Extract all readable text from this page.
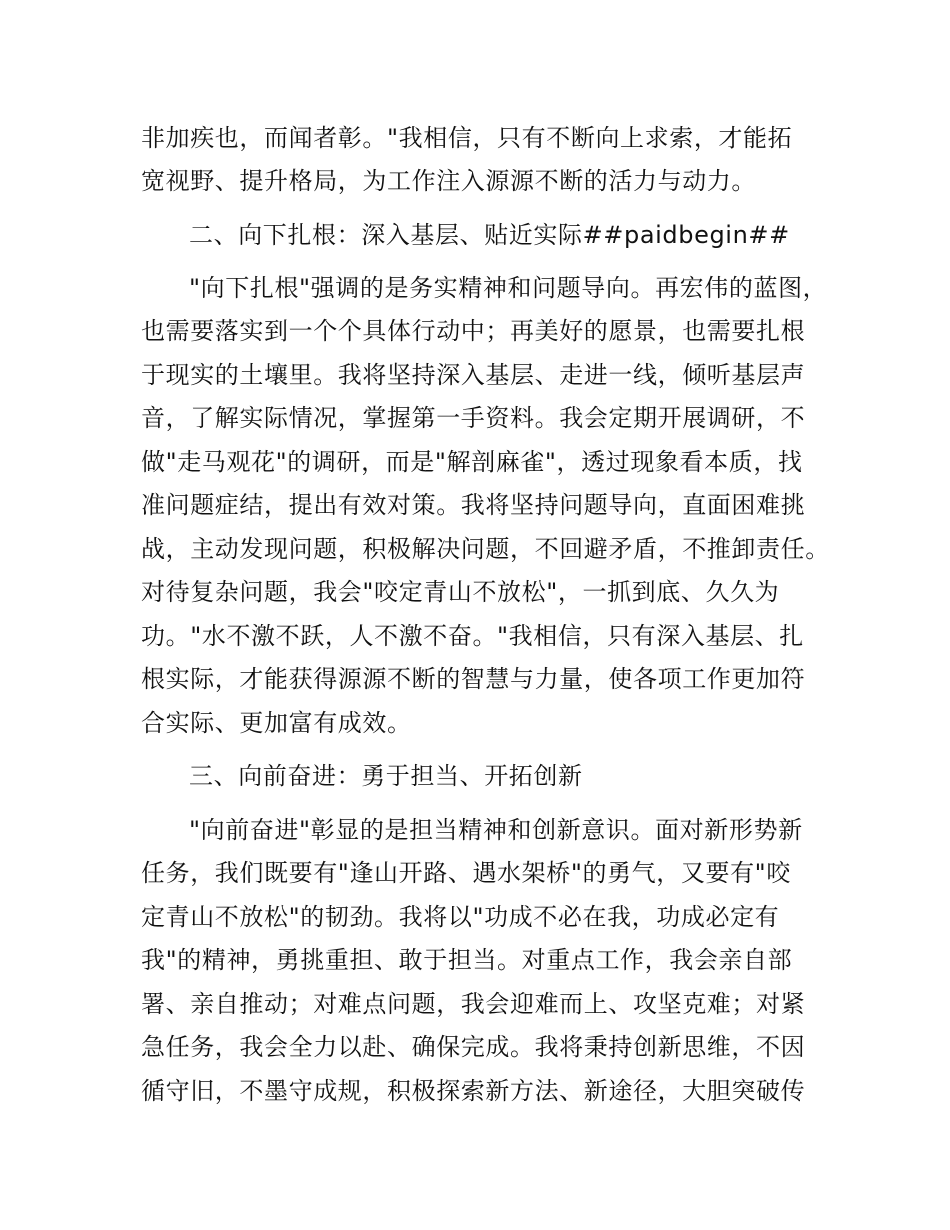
非加疾也，而闻者彰。"我相信，只有不断向上求索，才能拓
宽视野、提升格局，为工作注入源源不断的活力与动力。
二、向下扎根：深入基层、贴近实际##paidbegin##
"向下扎根"强调的是务实精神和问题导向。再宏伟的蓝图，
也需要落实到一个个具体行动中；再美好的愿景，也需要扎根
于现实的土壤里。我将坚持深入基层、走进一线，倾听基层声
音，了解实际情况，掌握第一手资料。我会定期开展调研，不
做"走马观花"的调研，而是"解剖麻雀"，透过现象看本质，找
准问题症结，提出有效对策。我将坚持问题导向，直面困难挑
战，主动发现问题，积极解决问题，不回避矛盾，不推卸责任。
对待复杂问题，我会"咬定青山不放松"，一抓到底、久久为
功。"水不激不跃，人不激不奋。"我相信，只有深入基层、扎
根实际，才能获得源源不断的智慧与力量，使各项工作更加符
合实际、更加富有成效。
三、向前奋进：勇于担当、开拓创新
"向前奋进"彰显的是担当精神和创新意识。面对新形势新
任务，我们既要有"逢山开路、遇水架桥"的勇气，又要有"咬
定青山不放松"的韧劲。我将以"功成不必在我，功成必定有
我"的精神，勇挑重担、敢于担当。对重点工作，我会亲自部
署、亲自推动；对难点问题，我会迎难而上、攻坚克难；对紧
急任务，我会全力以赴、确保完成。我将秉持创新思维，不因
循守旧，不墨守成规，积极探索新方法、新途径，大胆突破传
